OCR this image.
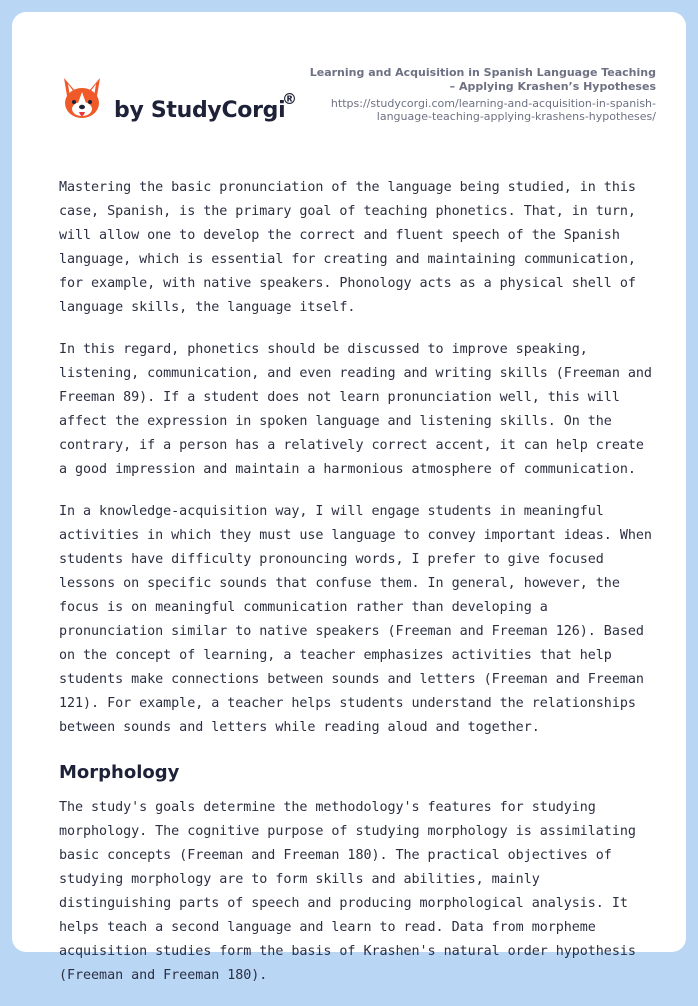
by StudyCorgi
®
Learning and Acquisition in Spanish Language Teaching – Applying Krashen’s Hypotheses
https://studycorgi.com/learning-and-acquisition-in-spanish-
language-teaching-applying-krashens-hypotheses/

Mastering the basic pronunciation of the language being studied, in this case, Spanish, is the primary goal of teaching phonetics. That, in turn, will allow one to develop the correct and fluent speech of the Spanish language, which is essential for creating and maintaining communication, for example, with native speakers. Phonology acts as a physical shell of language skills, the language itself.

In this regard, phonetics should be discussed to improve speaking, listening, communication, and even reading and writing skills (Freeman and Freeman 89). If a student does not learn pronunciation well, this will affect the expression in spoken language and listening skills. On the contrary, if a person has a relatively correct accent, it can help create a good impression and maintain a harmonious atmosphere of communication.

In a knowledge-acquisition way, I will engage students in meaningful activities in which they must use language to convey important ideas. When students have difficulty pronouncing words, I prefer to give focused lessons on specific sounds that confuse them. In general, however, the focus is on meaningful communication rather than developing a pronunciation similar to native speakers (Freeman and Freeman 126). Based on the concept of learning, a teacher emphasizes activities that help students make connections between sounds and letters (Freeman and Freeman 121). For example, a teacher helps students understand the relationships between sounds and letters while reading aloud and together.

Morphology

The study's goals determine the methodology's features for studying morphology. The cognitive purpose of studying morphology is assimilating basic concepts (Freeman and Freeman 180). The practical objectives of studying morphology are to form skills and abilities, mainly distinguishing parts of speech and producing morphological analysis. It helps teach a second language and learn to read. Data from morpheme acquisition studies form the basis of Krashen's natural order hypothesis (Freeman and Freeman 180).
